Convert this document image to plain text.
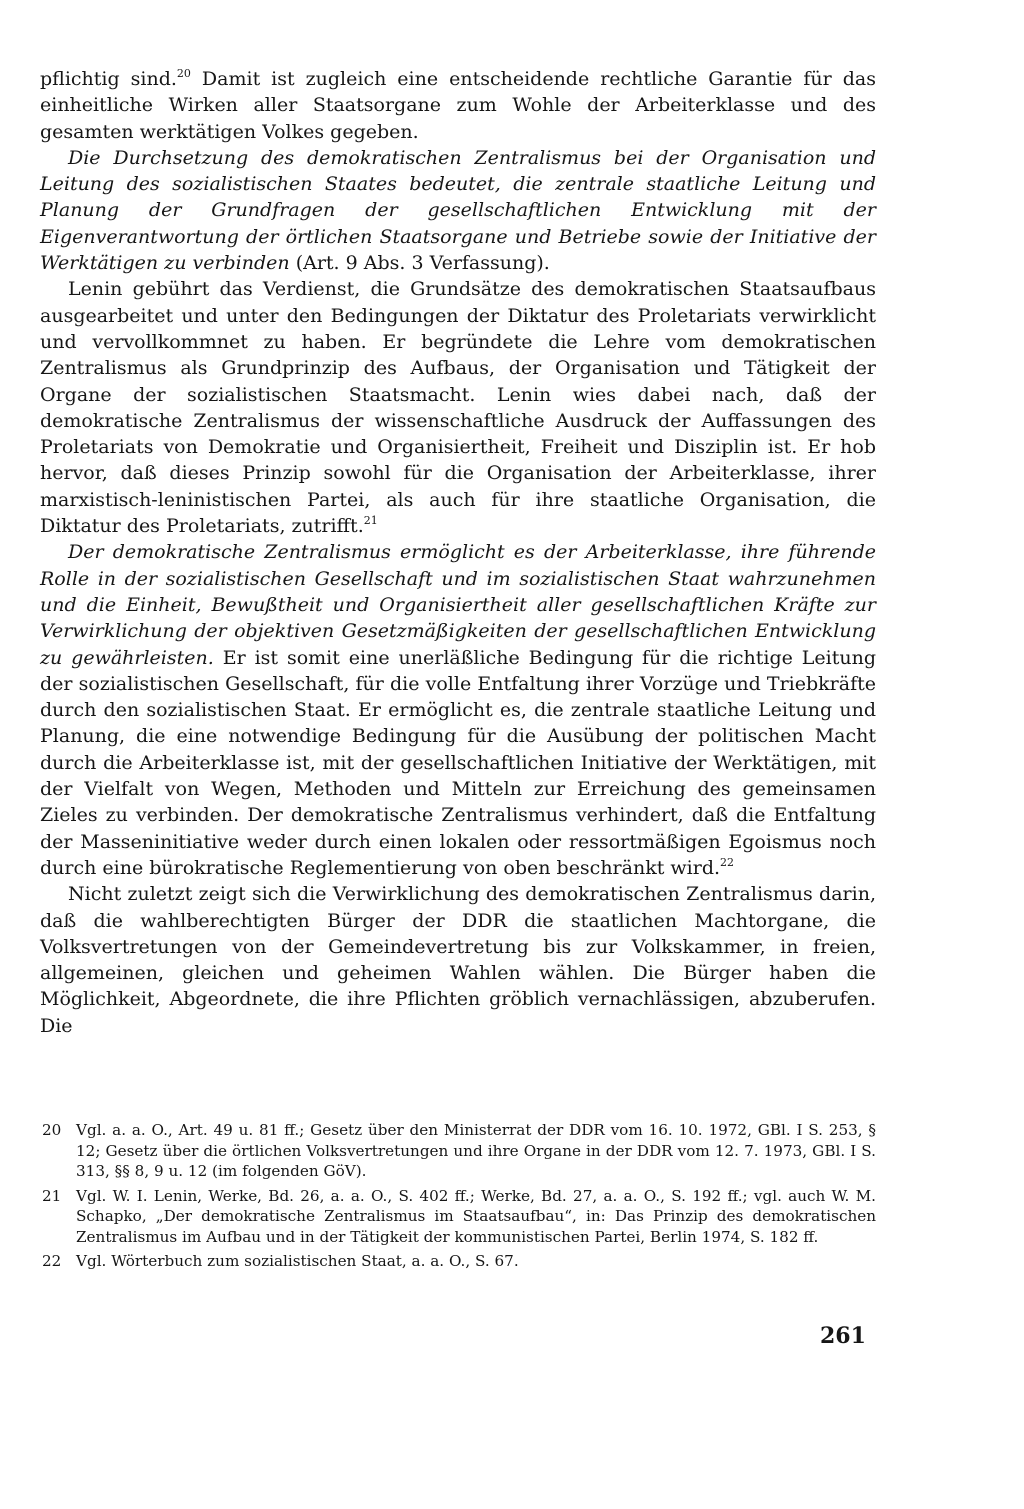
pflichtig sind.$^{20}$ Damit ist zugleich eine entscheidende rechtliche Garantie für das einheitliche Wirken aller Staatsorgane zum Wohle der Arbeiterklasse und des gesamten werktätigen Volkes gegeben.

Die Durchsetzung des demokratischen Zentralismus bei der Organisation und Leitung des sozialistischen Staates bedeutet, die zentrale staatliche Leitung und Planung der Grundfragen der gesellschaftlichen Entwicklung mit der Eigenverantwortung der örtlichen Staatsorgane und Betriebe sowie der Initiative der Werktätigen zu verbinden (Art. 9 Abs. 3 Verfassung).

Lenin gebührt das Verdienst, die Grundsätze des demokratischen Staatsaufbaus ausgearbeitet und unter den Bedingungen der Diktatur des Proletariats verwirklicht und vervollkommnet zu haben. Er begründete die Lehre vom demokratischen Zentralismus als Grundprinzip des Aufbaus, der Organisation und Tätigkeit der Organe der sozialistischen Staatsmacht. Lenin wies dabei nach, daß der demokratische Zentralismus der wissenschaftliche Ausdruck der Auffassungen des Proletariats von Demokratie und Organisiertheit, Freiheit und Disziplin ist. Er hob hervor, daß dieses Prinzip sowohl für die Organisation der Arbeiterklasse, ihrer marxistisch-leninistischen Partei, als auch für ihre staatliche Organisation, die Diktatur des Proletariats, zutrifft.$^{21}$

Der demokratische Zentralismus ermöglicht es der Arbeiterklasse, ihre führende Rolle in der sozialistischen Gesellschaft und im sozialistischen Staat wahrzunehmen und die Einheit, Bewußtheit und Organisiertheit aller gesellschaftlichen Kräfte zur Verwirklichung der objektiven Gesetzmäßigkeiten der gesellschaftlichen Entwicklung zu gewährleisten. Er ist somit eine unerläßliche Bedingung für die richtige Leitung der sozialistischen Gesellschaft, für die volle Entfaltung ihrer Vorzüge und Triebkräfte durch den sozialistischen Staat. Er ermöglicht es, die zentrale staatliche Leitung und Planung, die eine notwendige Bedingung für die Ausübung der politischen Macht durch die Arbeiterklasse ist, mit der gesellschaftlichen Initiative der Werktätigen, mit der Vielfalt von Wegen, Methoden und Mitteln zur Erreichung des gemeinsamen Zieles zu verbinden. Der demokratische Zentralismus verhindert, daß die Entfaltung der Masseninitiative weder durch einen lokalen oder ressortmäßigen Egoismus noch durch eine bürokratische Reglementierung von oben beschränkt wird.$^{22}$

Nicht zuletzt zeigt sich die Verwirklichung des demokratischen Zentralismus darin, daß die wahlberechtigten Bürger der DDR die staatlichen Machtorgane, die Volksvertretungen von der Gemeindevertretung bis zur Volkskammer, in freien, allgemeinen, gleichen und geheimen Wahlen wählen. Die Bürger haben die Möglichkeit, Abgeordnete, die ihre Pflichten gröblich vernachlässigen, abzuberufen. Die

20 Vgl. a. a. O., Art. 49 u. 81 ff.; Gesetz über den Ministerrat der DDR vom 16. 10. 1972, GBl. I S. 253, § 12; Gesetz über die örtlichen Volksvertretungen und ihre Organe in der DDR vom 12. 7. 1973, GBl. I S. 313, §§ 8, 9 u. 12 (im folgenden GöV).
21 Vgl. W. I. Lenin, Werke, Bd. 26, a. a. O., S. 402 ff.; Werke, Bd. 27, a. a. O., S. 192 ff.; vgl. auch W. M. Schapko, „Der demokratische Zentralismus im Staatsaufbau“, in: Das Prinzip des demokratischen Zentralismus im Aufbau und in der Tätigkeit der kommunistischen Partei, Berlin 1974, S. 182 ff.
22 Vgl. Wörterbuch zum sozialistischen Staat, a. a. O., S. 67.
261
